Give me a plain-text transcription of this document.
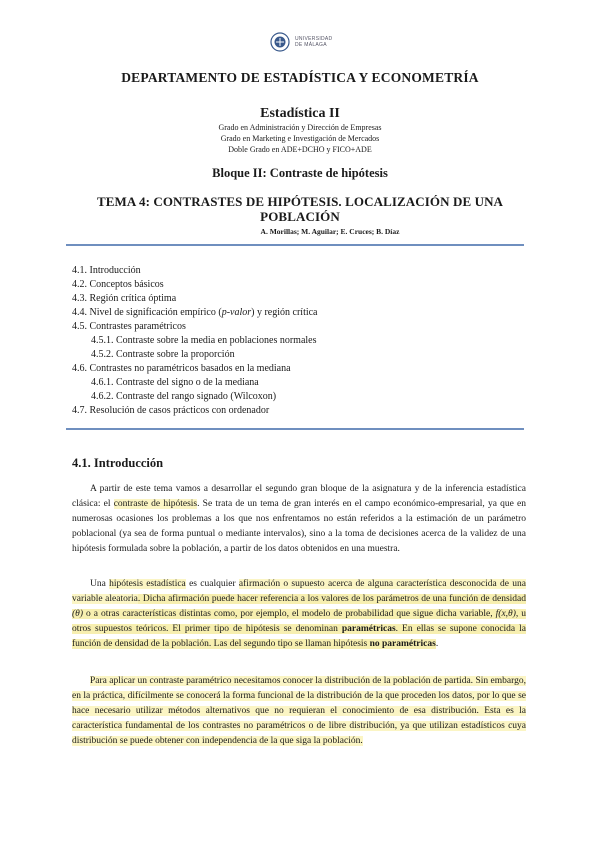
UNIVERSIDAD
DE MÁLAGA
DEPARTAMENTO DE ESTADÍSTICA Y ECONOMETRÍA
Estadística II
Grado en Administración y Dirección de Empresas
Grado en Marketing e Investigación de Mercados
Doble Grado en ADE+DCHO y FICO+ADE
Bloque II: Contraste de hipótesis
TEMA 4: CONTRASTES DE HIPÓTESIS. LOCALIZACIÓN DE UNA POBLACIÓN
A. Morillas; M. Aguilar; E. Cruces; B. Díaz
4.1. Introducción
4.2. Conceptos básicos
4.3. Región crítica óptima
4.4. Nivel de significación empírico (p-valor) y región crítica
4.5. Contrastes paramétricos
4.5.1. Contraste sobre la media en poblaciones normales
4.5.2. Contraste sobre la proporción
4.6. Contrastes no paramétricos basados en la mediana
4.6.1. Contraste del signo o de la mediana
4.6.2. Contraste del rango signado (Wilcoxon)
4.7. Resolución de casos prácticos con ordenador
4.1. Introducción

A partir de este tema vamos a desarrollar el segundo gran bloque de la asignatura y de la inferencia estadística clásica: el contraste de hipótesis. Se trata de un tema de gran interés en el campo económico-empresarial, ya que en numerosas ocasiones los problemas a los que nos enfrentamos no están referidos a la estimación de un parámetro poblacional (ya sea de forma puntual o mediante intervalos), sino a la toma de decisiones acerca de la validez de una hipótesis formulada sobre la población, a partir de los datos obtenidos en una muestra.

Una hipótesis estadística es cualquier afirmación o supuesto acerca de alguna característica desconocida de una variable aleatoria. Dicha afirmación puede hacer referencia a los valores de los parámetros de una función de densidad (θ) o a otras características distintas como, por ejemplo, el modelo de probabilidad que sigue dicha variable, f(x,θ), u otros supuestos teóricos. El primer tipo de hipótesis se denominan paramétricas. En ellas se supone conocida la función de densidad de la población. Las del segundo tipo se llaman hipótesis no paramétricas.

Para aplicar un contraste paramétrico necesitamos conocer la distribución de la población de partida. Sin embargo, en la práctica, difícilmente se conocerá la forma funcional de la distribución de la que proceden los datos, por lo que se hace necesario utilizar métodos alternativos que no requieran el conocimiento de esa distribución. Esta es la característica fundamental de los contrastes no paramétricos o de libre distribución, ya que utilizan estadísticos cuya distribución se puede obtener con independencia de la que siga la población.
